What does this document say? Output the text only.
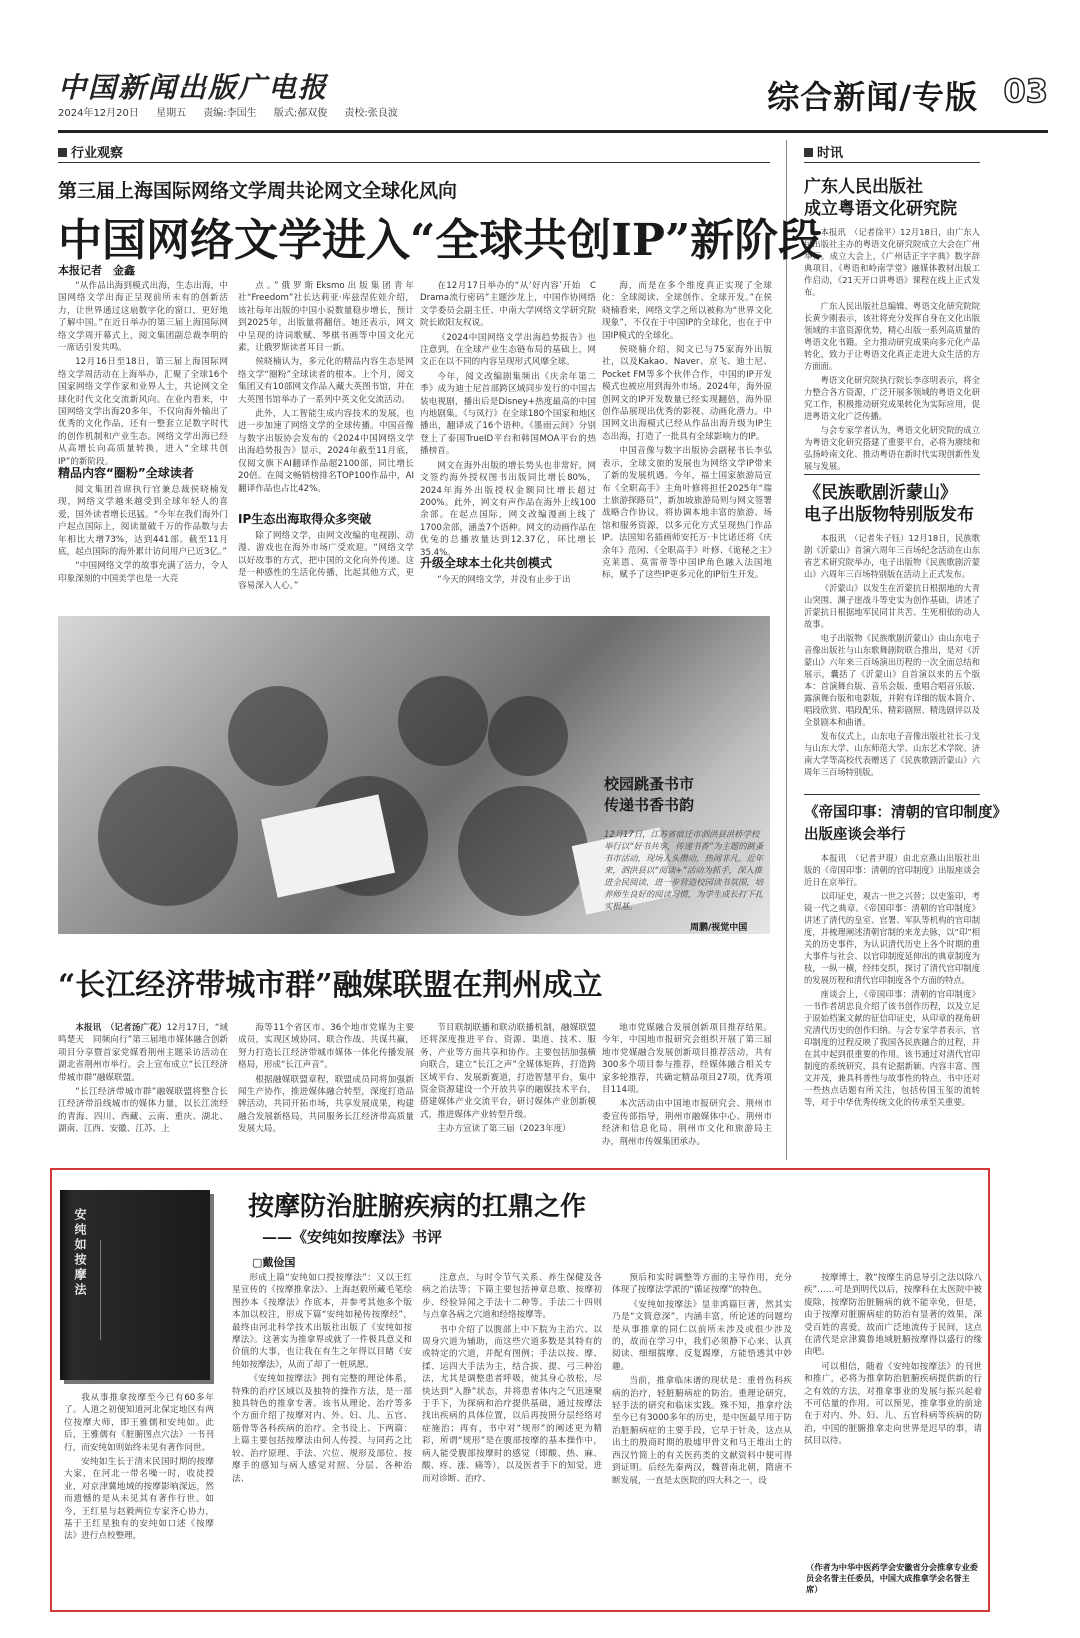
中国新闻出版广电报
2024年12月20日 星期五 责编:李国生 版式:郝双俊 责校:张良波	综合新闻/专版 03
行业观察
第三届上海国际网络文学周共论网文全球化风向
中国网络文学进入“全球共创IP”新阶段
本报记者　金鑫

“从作品出海到模式出海，生态出海，中国网络文学出海正呈现前所未有的创新活力，让世界通过这扇数字化的窗口，更好地了解中国。”在近日举办的第三届上海国际网络文学周开幕式上，阅文集团副总裁李明的一席话引发共鸣。

12月16日至18日，第三届上海国际网络文学周活动在上海举办，汇聚了全球16个国家网络文学作家和业界人士，共论网文全球化时代文化交流新风向。在业内看来，中国网络文学出海20多年，不仅向海外输出了优秀的文化作品，还有一整套立足数字时代的创作机制和产业生态。网络文学出海已经从高增长向高质量转换，进入“全球共创IP”的新阶段。

精品内容“圈粉”全球读者

阅文集团首席执行官兼总裁侯晓楠发现，网络文学越来越受到全球年轻人的喜爱，国外读者增长迅猛。“今年在我们海外门户起点国际上，阅读量破千万的作品数与去年相比大增73%，达到441部。截至11月底，起点国际的海外累计访问用户已近3亿。”

“中国网络文学的故事充满了活力，令人印象深刻的中国美学也是一大亮

点。”俄罗斯Eksmo出版集团青年社“Freedom”社长达莉亚·库兹涅佐娃介绍，该社每年出版的中国小说数量稳步增长，预计到2025年，出版量将翻倍。她还表示，网文中呈现的诗词歌赋、琴棋书画等中国文化元素，让俄罗斯读者耳目一新。

侯晓楠认为，多元化的精品内容生态是网络文学“圈粉”全球读者的根本。上个月，阅文集团又有10部网文作品入藏大英图书馆，并在大英图书馆举办了一系列中英文化交流活动。

此外，人工智能生成内容技术的发展，也进一步加速了网络文学的全球传播。中国音像与数字出版协会发布的《2024中国网络文学出海趋势报告》显示，2024年截至11月底，仅阅文旗下AI翻译作品超2100部，同比增长20倍。在阅文畅销榜排名TOP100作品中，AI翻译作品也占比42%。

IP生态出海取得众多突破

除了网络文学，由网文改编的电视剧、动漫、游戏也在海外市场广受欢迎。“网络文学以好故事的方式，把中国的文化向外传递。这是一种感性的生活化传播，比起其他方式，更容易深入人心。”

在12月17日举办的“从‘好内容’开始　C Drama流行密码”主题沙龙上，中国作协网络文学委员会副主任、中南大学网络文学研究院院长欧阳友权说。

《2024中国网络文学出海趋势报告》也注意到，在全球产业生态链布局的基础上，网文正在以不同的内容呈现形式风靡全球。

今年，阅文改编剧集频出《庆余年第二季》成为迪士尼首部跨区域同步发行的中国古装电视剧，播出后是Disney+热度最高的中国内地剧集。《与凤行》在全球180个国家和地区播出，翻译成了16个语种。《墨雨云间》分别登上了泰国TrueID平台和韩国MOA平台的热播榜首。

网文在海外出版的增长势头也非常好。网文签约海外授权图书出版同比增长80%，2024年海外出版授权金额同比增长超过200%。此外，网文有声作品在海外上线100余部。在起点国际，网文改编漫画上线了1700余部，涵盖7个语种。网文的动画作品在优兔的总播放量达到12.37亿，环比增长35.4%。

升级全球本土化共创模式

“今天的网络文学，并没有止步于出

海，而是在多个维度真正实现了全球化：全球阅读、全球创作、全球开发。”在侯晓楠看来，网络文学之所以被称为“世界文化现象”，不仅在于中国IP的全球化，也在于中国IP模式的全球化。

侯晓楠介绍，阅文已与75家海外出版社，以及Kakao、Naver、京飞、迪士尼、Pocket FM等多个伙伴合作，中国的IP开发模式也被应用到海外市场。2024年，海外原创网文的IP开发数量已经实现翻倍，海外原创作品展现出优秀的影视、动画化潜力。中国网文出海模式已经从作品出海升级为IP生态出海，打造了一批具有全球影响力的IP。

中国音像与数字出版协会副秘书长李弘表示，全球文旅的发展也为网络文学IP带来了新的发展机遇。今年，福士国家旅游局宣布《全职高手》主角叶修将担任2025年“瑞士旅游探路员”，新加坡旅游局则与网文签署战略合作协议，将协调本地丰富的旅游、场馆和服务资源，以多元化方式呈现热门作品IP。法国知名插画师安托万·卡比诺还将《庆余年》范闲、《全职高手》叶修、《诡秘之主》克莱恩、莫雷蒂等中国IP角色融入法国地标，赋予了这些IP更多元化的IP衍生开发。

校园跳蚤书市
传递书香书韵
12月17日，江苏省宿迁市泗洪县洪桥学校举行以“好书共享，传递书香”为主题的跳蚤书市活动，现场人头攒动，热闹非凡。近年来，泗洪县以“阅读+”活动为抓手，深入推进全民阅读，进一步营造校园读书氛围，培养师生良好的阅读习惯，为学生成长打下扎实根基。
周鹏/视觉中国
“长江经济带城市群”融媒联盟在荆州成立

本报讯　（记者汤广花）12月17日，“域鸣楚天　同频向行”第三届地市媒体融合创新项目分享暨首家党媒看荆州主题采访活动在湖北省荆州市举行。会上宣布成立“长江经济带城市群”融媒联盟。

“长江经济带城市群”融媒联盟将整合长江经济带沿线城市的媒体力量，以长江流经的青海、四川、西藏、云南、重庆、湖北、湖南、江西、安徽、江苏、上

海等11个省区市、36个地市党媒为主要成员，实现区域协同、联合作战、共谋共赢，努力打造长江经济带城市媒体一体化传播发展格局，形成“长江声音”。

根据融媒联盟章程，联盟成员同将加强新闻生产协作，推进媒体融合转型，深度打造品牌活动，共同开拓市场，共享发展成果，构建融合发展新格局，共同服务长江经济带高质量发展大局。

节目联制联播和联动联播机制，融媒联盟还将深度推进平台、资源、渠道、技术、服务、产业等方面共享和协作。主要包括加强横向联合，建立“长江之声”全媒体矩阵，打造跨区域平台、发展新赛道，打造智慧平台，集中资金资源建设一个开放共享的融媒技术平台，搭建媒体产业交流平台，研讨媒体产业创新模式，推进媒体产业转型升级。

主办方宣读了第三届（2023年度）

地市党媒融合发展创新项目推荐结果。今年，中国地市报研究会组织开展了第三届地市党媒融合发展创新项目推荐活动，共有300多个项目参与推荐，经媒体融合相关专家多轮推荐，共确定精品项目27项，优秀项目114项。

本次活动由中国地市报研究会、荆州市委宣传部指导，荆州市融媒体中心、荆州市经济和信息化局、荆州市文化和旅游局主办，荆州市传媒集团承办。

时讯
广东人民出版社
成立粤语文化研究院

本报讯　（记者徐平）12月18日，由广东人民出版社主办的粤语文化研究院成立大会在广州举行。成立大会上，《广州话正字字典》数字辞典项目、《粤语和岭南学堂》融媒体教材出版工作启动，《21天开口讲粤语》课程在线上正式发布。

广东人民出版社总编辑、粤语文化研究院院长黄少刚表示，该社将充分发挥自身在文化出版领域的丰富资源优势，精心出版一系列高质量的粤语文化书籍。全力推动研究成果向多元化产品转化，致力于让粤语文化真正走进大众生活的方方面面。

粤语文化研究院执行院长李彦明表示，将全力整合各方资源，广泛开展多领域的粤语文化研究工作，积极推动研究成果转化为实际应用，促进粤语文化广泛传播。

与会专家学者认为，粤语文化研究院的成立为粤语文化研究搭建了重要平台，必将为赓续和弘扬岭南文化、推动粤语在新时代实现创新性发展与发展。

《民族歌剧沂蒙山》
电子出版物特别版发布

本报讯　（记者朱子钰）12月18日，民族歌剧《沂蒙山》首演六周年三百场纪念活动在山东省艺术研究院举办，电子出版物《民族歌剧沂蒙山》六周年三百场特别版在活动上正式发布。

《沂蒙山》以发生在沂蒙抗日根据地的大青山突围、渊子崖战斗等史实为创作基础，讲述了沂蒙抗日根据地军民同甘共苦、生死相依的动人故事。

电子出版物《民族歌剧沂蒙山》由山东电子音像出版社与山东歌舞剧院联合推出，是对《沂蒙山》六年来三百场演出历程的一次全面总结和展示，囊括了《沂蒙山》自首演以来的五个版本：首演舞台版、音乐会版、重唱合唱音乐版、露演舞台版和电影版，并附有详细的版本简介、唱段欣赏、唱段配乐、精彩剧照、精选剧评以及全景剧本和曲谱。

发布仪式上，山东电子音像出版社社长刁戈与山东大学、山东师范大学、山东艺术学院、济南大学等高校代表赠送了《民族歌剧沂蒙山》六周年三百场特别版。

《帝国印事：清朝的官印制度》
出版座谈会举行

本报讯　（记者尹琨）由北京燕山出版社出版的《帝国印事：清朝的官印制度》出版座谈会近日在京举行。

以印证史，观古一世之兴替；以史鉴印，考镜一代之典章。《帝国印事：清朝的官印制度》讲述了清代的皇室、官署、军队等机构的官印制度，并梳理阐述清朝官制的来龙去脉，以“印”相关的历史事件，为认识清代历史上各个时期的重大事件与社会、以官印制度延伸出的典章制度为枝，一纵一横，经纬交织，探讨了清代官印制度的发展历程和清代官印制度各个方面的特点。

座谈会上，《帝国印事：清朝的官印制度》一书作者胡忠良介绍了该书创作历程，以及立足于原始档案文献的征信印证史，从印章的视角研究清代历史的创作归纳。与会专家学者表示，官印制度的过程反映了我国各民族融合的过程，并在其中起到很重要的作用。该书通过对清代官印制度的系统研究，具有论据新颖、内容丰富、图文并茂，兼具科普性与故事性的特点。书中还对一些热点话题有所关注，包括传国玉玺的流转等，对于中华优秀传统文化的传承至关重要。

安纯如按摩法
按摩防治脏腑疾病的扛鼎之作
——《安纯如按摩法》书评
▢戴俭国

我从事推拿按摩至今已有60多年了。人道之初便知道河北保定地区有两位按摩大师，即王雅儒和安纯如。此后，王雅儒有《脏腑图点穴法》一书刊行，而安纯如则始终未见有著作问世。

安纯如生长于清末民国时期的按摩大家，在河北一带名噪一时，收徒授业，对京津冀地域的按摩影响深远，然而遗憾的是从未见其有著作行世。如今，王红星与赵毅两位专家齐心协力，基于王红星独有的安纯如口述《按摩法》进行点校整理，

形成上篇“安纯如口授按摩法”：又以王红星宣传的《按摩推拿法》、上海赵毅所藏毛笔绘图抄本《按摩法》作底本，并参考其他多个版本加以校注，形成下篇“安纯如秘传按摩经”，最终由河北科学技术出版社出版了《安纯如按摩法》。这著实为推拿界或就了一件极具意义和价值的大事，也让我在有生之年得以目睹《安纯如按摩法》，从而了却了一桩夙愿。

《安纯如按摩法》拥有完整的理论体系，特殊的治疗区域以及独特的操作方法，是一部独具特色的推拿专著。该书从理论、治疗等多个方面介绍了按摩对内、外、妇、儿、五官、筋骨等各科疾病的治疗。全书设上、下两篇：上篇主要包括按摩法由何人传授、与同药之比较、治疗原理、手法、穴位、规形及部位、按摩手的感知与病人感觉对照、分层、各种治法、

注意点，与时令节气关系、养生保健及各病之治法等；下篇主要包括神章总歌、按摩初步、经验异闻之手法十二种等。手法二十四则与点拿各病之穴道和经络按摩等。

书中介绍了以腹部上中下脘为主治穴、以周身穴道为辅助，而这些穴道多数是其特有的或特定的穴道，并配有图例；手法以按、摩、揉、运四大手法为主，结合拔、提、弓三种治法，尤其是调整患者呼吸，使其身心放松，尽快达到“入静”状态，并将患者体内之气迅速聚于手下，为探病和治疗提供基础，通过按摩法找出疾病的具体位置，以后再按照分层经络对症施治；再有，书中对“规形”的阐述更为精彩，所谓“规形”是在腹部按摩的基本操作中，病人能受腹部按摩时的感觉（即酸、热、麻、酸、疼、涨、痛等），以及医者手下的知觉，进而对诊断、治疗、

预后和实时调整等方面的主导作用，充分体现了按摩法学派的“循证按摩”的特色。

《安纯如按摩法》显非鸿篇巨著，然其实乃是“文简意深”，内涵丰富，所论述的问题均是从事推拿的同仁以前所未涉及或很少涉及的，故而在学习中，我们必须静下心来、认真阅读、细细揣摩、反复踢摩，方能悟透其中妙趣。

当前，推拿临床谱的现状是：重骨伤科疾病的治疗，轻脏腑病症的防治。重理论研究，轻手法的研究和临床实践。殊不知，推拿疗法至今已有3000多年的历史，是中医最早用于防治脏腑病症的主要手段，它早于针灸，这点从出土的殷商时期的股墟甲骨文和马王堆出土的西汉竹简上的有关医药类的文献资料中便可得到证明。后经先秦两汉，魏晋南北朝，隋唐不断发展，一直是太医院的四大科之一，设

按摩博士，教“按摩生消息导引之法以除八疾”……可是到明代以后，按摩科在太医院中被废除，按摩防治脏腑病的就不能幸免，但是，由于按摩对脏腑病症的防治有显著的效果，深受百姓的喜爱，故而广泛地流传于民间，这点在清代是京津冀鲁地域脏腑按摩得以盛行的缘由吧。

可以相信，随着《安纯如按摩法》的刊世和推广，必将为推拿防治脏腑疾病提供新的行之有效的方法，对推拿事业的发展与振兴起着不可估量的作用。可以预见，推拿事业的前途在于对内、外、妇、儿、五官科病等疾病的防治，中国的脏腑推拿走向世界是迟早的事，请拭目以待。

（作者为中华中医药学会安徽省分会推拿专业委员会名誉主任委员，中国大成推拿学会名誉主席）
